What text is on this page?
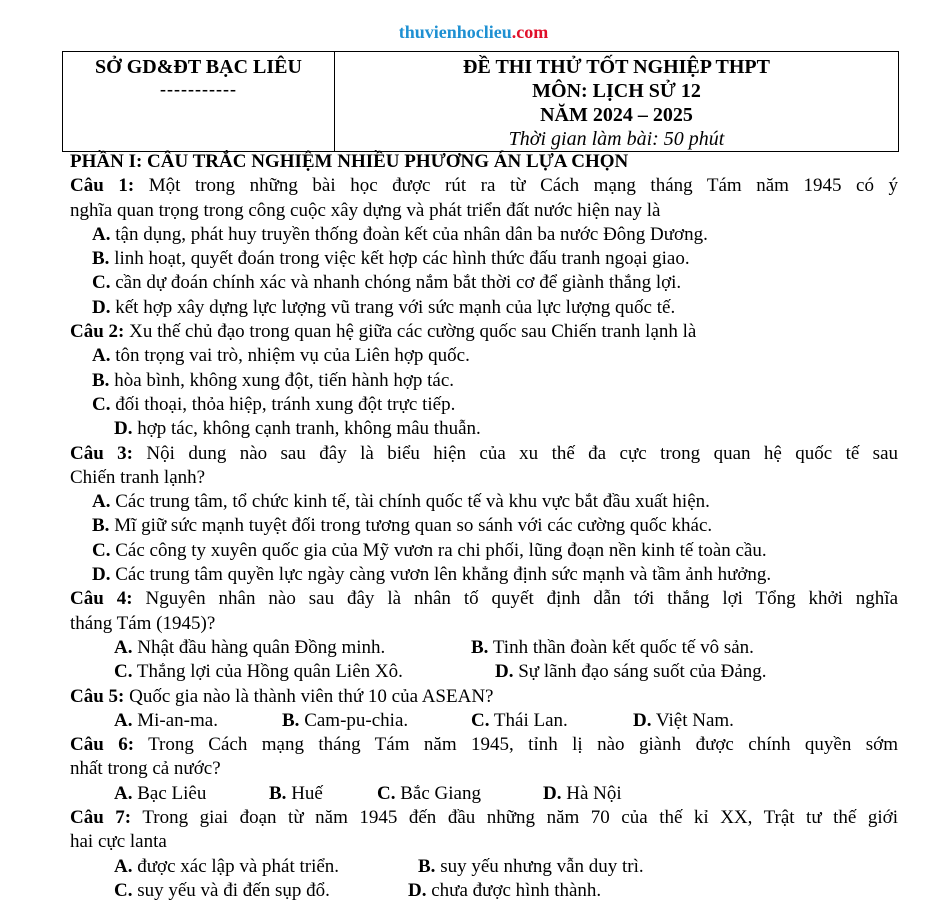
thuvienhoclieu.com
SỞ GD&ĐT BẠC LIÊU
-----------

ĐỀ THI THỬ TỐT NGHIỆP THPT
MÔN: LỊCH SỬ 12
NĂM 2024 – 2025
Thời gian làm bài: 50 phút
PHẦN I: CÂU TRẮC NGHIỆM NHIỀU PHƯƠNG ÁN LỰA CHỌN
Câu 1: Một trong những bài học được rút ra từ Cách mạng tháng Tám năm 1945 có ý
nghĩa quan trọng trong công cuộc xây dựng và phát triển đất nước hiện nay là
A. tận dụng, phát huy truyền thống đoàn kết của nhân dân ba nước Đông Dương.
B. linh hoạt, quyết đoán trong việc kết hợp các hình thức đấu tranh ngoại giao.
C. cần dự đoán chính xác và nhanh chóng nắm bắt thời cơ để giành thắng lợi.
D. kết hợp xây dựng lực lượng vũ trang với sức mạnh của lực lượng quốc tế.
Câu 2: Xu thế chủ đạo trong quan hệ giữa các cường quốc sau Chiến tranh lạnh là
A. tôn trọng vai trò, nhiệm vụ của Liên hợp quốc.
B. hòa bình, không xung đột, tiến hành hợp tác.
C. đối thoại, thỏa hiệp, tránh xung đột trực tiếp.
D. hợp tác, không cạnh tranh, không mâu thuẫn.
Câu 3: Nội dung nào sau đây là biểu hiện của xu thế đa cực trong quan hệ quốc tế sau
Chiến tranh lạnh?
A. Các trung tâm, tổ chức kinh tế, tài chính quốc tế và khu vực bắt đầu xuất hiện.
B. Mĩ giữ sức mạnh tuyệt đối trong tương quan so sánh với các cường quốc khác.
C. Các công ty xuyên quốc gia của Mỹ vươn ra chi phối, lũng đoạn nền kinh tế toàn cầu.
D. Các trung tâm quyền lực ngày càng vươn lên khẳng định sức mạnh và tầm ảnh hưởng.
Câu 4: Nguyên nhân nào sau đây là nhân tố quyết định dẫn tới thắng lợi Tổng khởi nghĩa
tháng Tám (1945)?
A. Nhật đầu hàng quân Đồng minh.	B. Tinh thần đoàn kết quốc tế vô sản.
C. Thắng lợi của Hồng quân Liên Xô.	D. Sự lãnh đạo sáng suốt của Đảng.
Câu 5: Quốc gia nào là thành viên thứ 10 của ASEAN?
A. Mi-an-ma.	B. Cam-pu-chia.	C. Thái Lan.	D. Việt Nam.
Câu 6: Trong Cách mạng tháng Tám năm 1945, tỉnh lị nào giành được chính quyền sớm
nhất trong cả nước?
A. Bạc Liêu	B. Huế	C. Bắc Giang	D. Hà Nội
Câu 7: Trong giai đoạn từ năm 1945 đến đầu những năm 70 của thế kỉ XX, Trật tư thế giới
hai cực lanta
A. được xác lập và phát triển.	B. suy yếu nhưng vẫn duy trì.
C. suy yếu và đi đến sụp đổ.	D. chưa được hình thành.
